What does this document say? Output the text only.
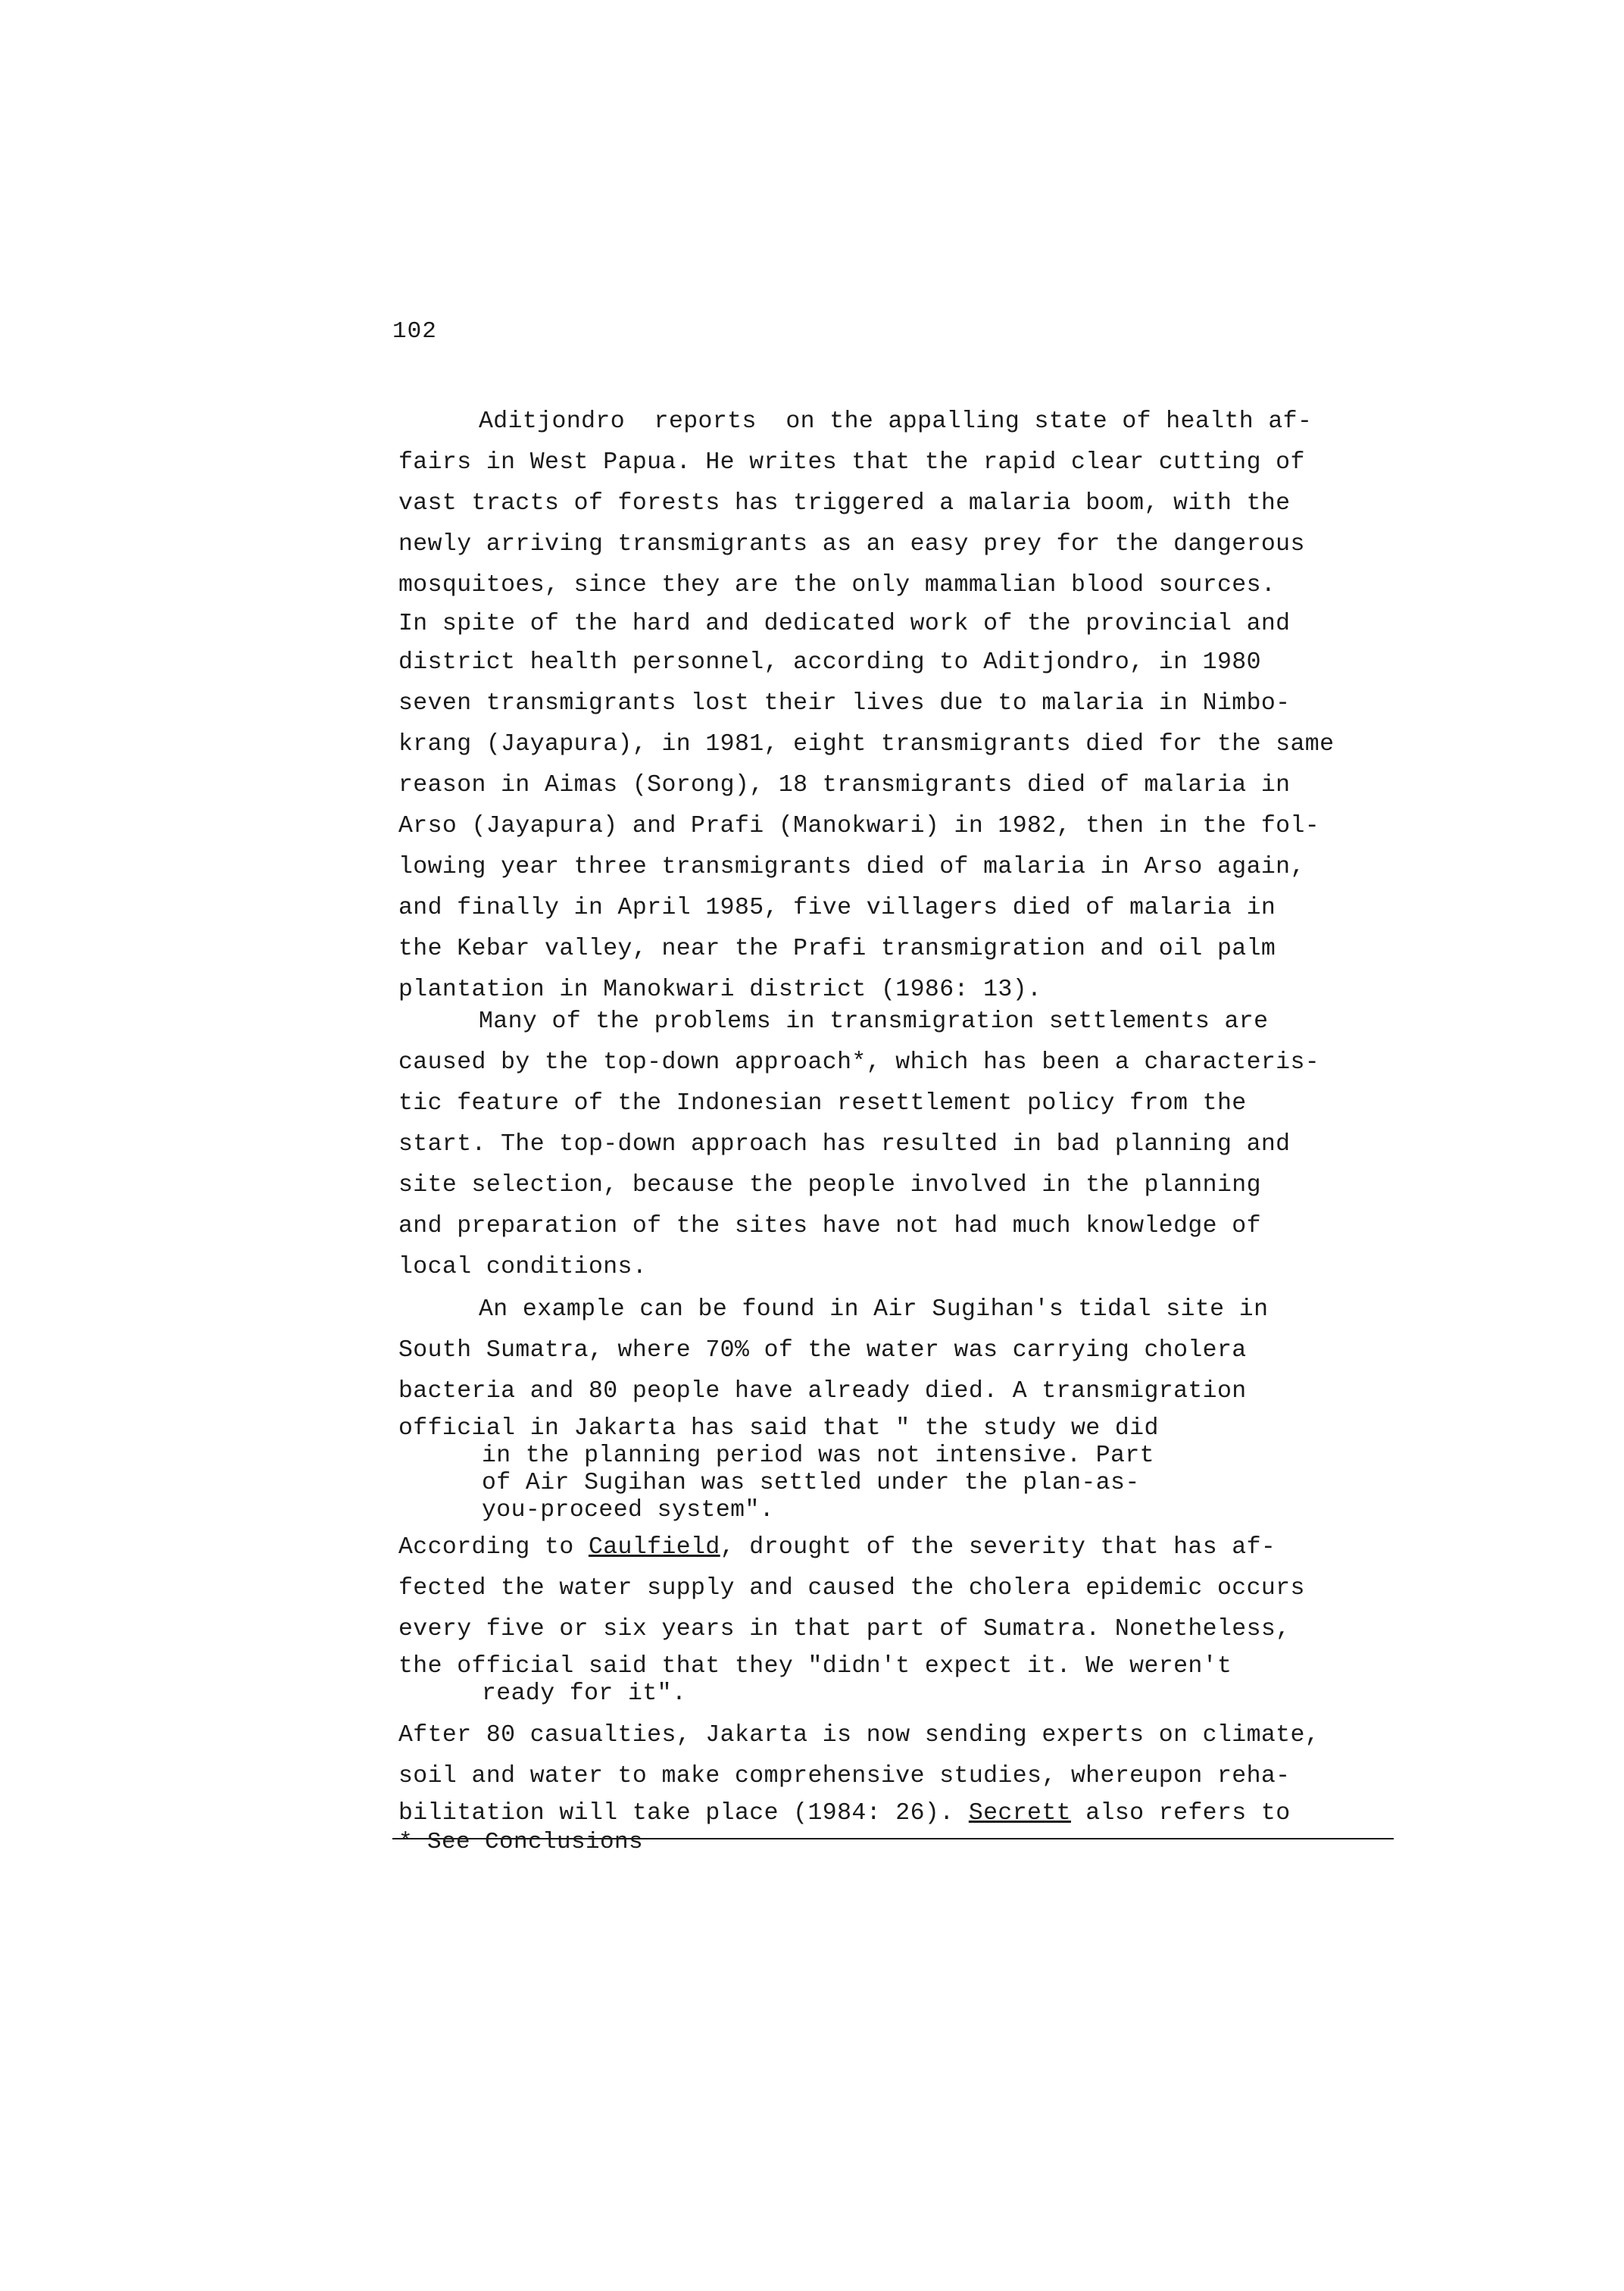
102
Aditjondro  reports  on the appalling state of health af-
fairs in West Papua. He writes that the rapid clear cutting of
vast tracts of forests has triggered a malaria boom, with the
newly arriving transmigrants as an easy prey for the dangerous
mosquitoes, since they are the only mammalian blood sources.
In spite of the hard and dedicated work of the provincial and
district health personnel, according to Aditjondro, in 1980
seven transmigrants lost their lives due to malaria in Nimbo-
krang (Jayapura), in 1981, eight transmigrants died for the same
reason in Aimas (Sorong), 18 transmigrants died of malaria in
Arso (Jayapura) and Prafi (Manokwari) in 1982, then in the fol-
lowing year three transmigrants died of malaria in Arso again,
and finally in April 1985, five villagers died of malaria in
the Kebar valley, near the Prafi transmigration and oil palm
plantation in Manokwari district (1986: 13).
Many of the problems in transmigration settlements are
caused by the top-down approach*, which has been a characteris-
tic feature of the Indonesian resettlement policy from the
start. The top-down approach has resulted in bad planning and
site selection, because the people involved in the planning
and preparation of the sites have not had much knowledge of
local conditions.
An example can be found in Air Sugihan's tidal site in
South Sumatra, where 70% of the water was carrying cholera
bacteria and 80 people have already died. A transmigration
official in Jakarta has said that " the study we did
in the planning period was not intensive. Part
of Air Sugihan was settled under the plan-as-
you-proceed system".
According to Caulfield, drought of the severity that has af-
fected the water supply and caused the cholera epidemic occurs
every five or six years in that part of Sumatra. Nonetheless,
the official said that they "didn't expect it. We weren't
ready for it".
After 80 casualties, Jakarta is now sending experts on climate,
soil and water to make comprehensive studies, whereupon reha-
bilitation will take place (1984: 26). Secrett also refers to
* See Conclusions
